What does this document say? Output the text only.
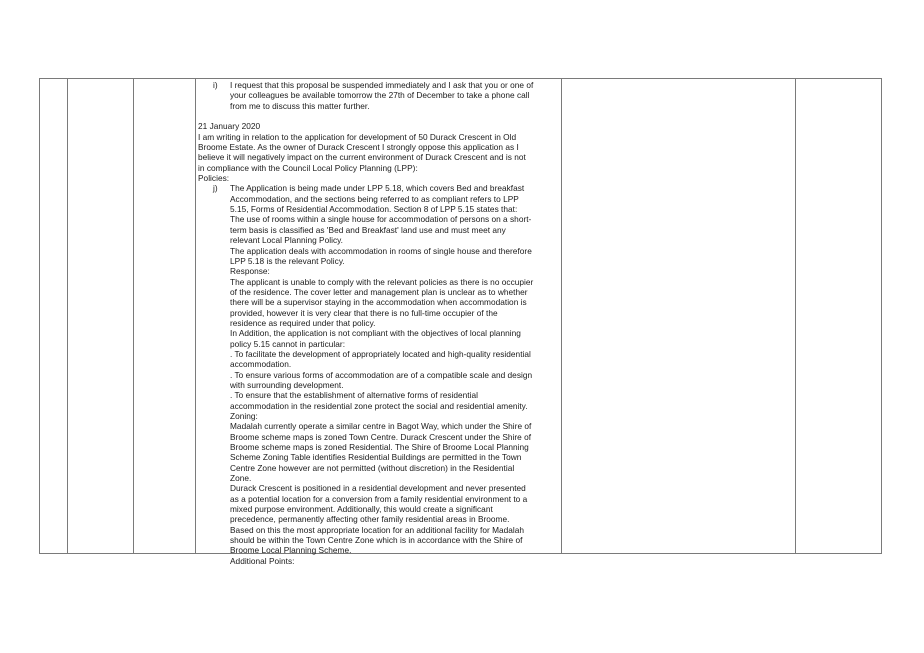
i) I request that this proposal be suspended immediately and I ask that you or one of
your colleagues be available tomorrow the 27th of December to take a phone call
from me to discuss this matter further.
21 January 2020
I am writing in relation to the application for development of 50 Durack Crescent in Old
Broome Estate. As the owner of Durack Crescent I strongly oppose this application as I
believe it will negatively impact on the current environment of Durack Crescent and is not
in compliance with the Council Local Policy Planning (LPP):
Policies:
j) The Application is being made under LPP 5.18, which covers Bed and breakfast
Accommodation, and the sections being referred to as compliant refers to LPP
5.15, Forms of Residential Accommodation. Section 8 of LPP 5.15 states that:
The use of rooms within a single house for accommodation of persons on a short-
term basis is classified as 'Bed and Breakfast' land use and must meet any
relevant Local Planning Policy.
The application deals with accommodation in rooms of single house and therefore
LPP 5.18 is the relevant Policy.
Response:
The applicant is unable to comply with the relevant policies as there is no occupier
of the residence. The cover letter and management plan is unclear as to whether
there will be a supervisor staying in the accommodation when accommodation is
provided, however it is very clear that there is no full-time occupier of the
residence as required under that policy.
In Addition, the application is not compliant with the objectives of local planning
policy 5.15 cannot in particular:
. To facilitate the development of appropriately located and high-quality residential
accommodation.
. To ensure various forms of accommodation are of a compatible scale and design
with surrounding development.
. To ensure that the establishment of alternative forms of residential
accommodation in the residential zone protect the social and residential amenity.
Zoning:
Madalah currently operate a similar centre in Bagot Way, which under the Shire of
Broome scheme maps is zoned Town Centre. Durack Crescent under the Shire of
Broome scheme maps is zoned Residential. The Shire of Broome Local Planning
Scheme Zoning Table identifies Residential Buildings are permitted in the Town
Centre Zone however are not permitted (without discretion) in the Residential
Zone.
Durack Crescent is positioned in a residential development and never presented
as a potential location for a conversion from a family residential environment to a
mixed purpose environment. Additionally, this would create a significant
precedence, permanently affecting other family residential areas in Broome.
Based on this the most appropriate location for an additional facility for Madalah
should be within the Town Centre Zone which is in accordance with the Shire of
Broome Local Planning Scheme.
Additional Points:
